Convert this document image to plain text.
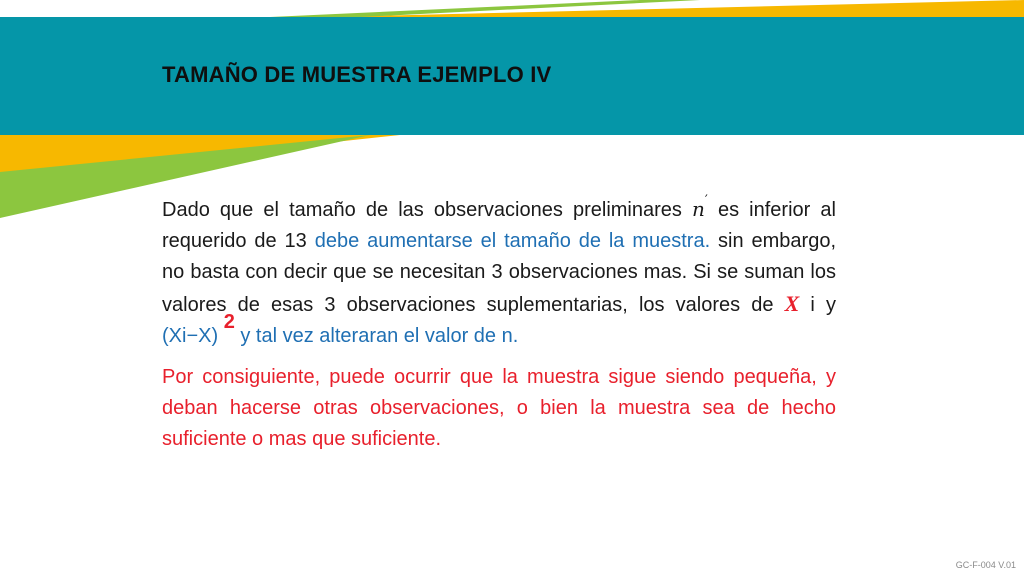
TAMAÑO DE MUESTRA EJEMPLO IV

Dado que el tamaño de las observaciones preliminares n′ es inferior al requerido de 13 debe aumentarse el tamaño de la muestra. sin embargo, no basta con decir que se necesitan 3 observaciones mas. Si se suman los valores de esas 3 observaciones suplementarias, los valores de X i y (Xi−X) 2 y tal vez alteraran el valor de n.

Por consiguiente, puede ocurrir que la muestra sigue siendo pequeña, y deban hacerse otras observaciones, o bien la muestra sea de hecho suficiente o mas que suficiente.

GC-F-004 V.01
